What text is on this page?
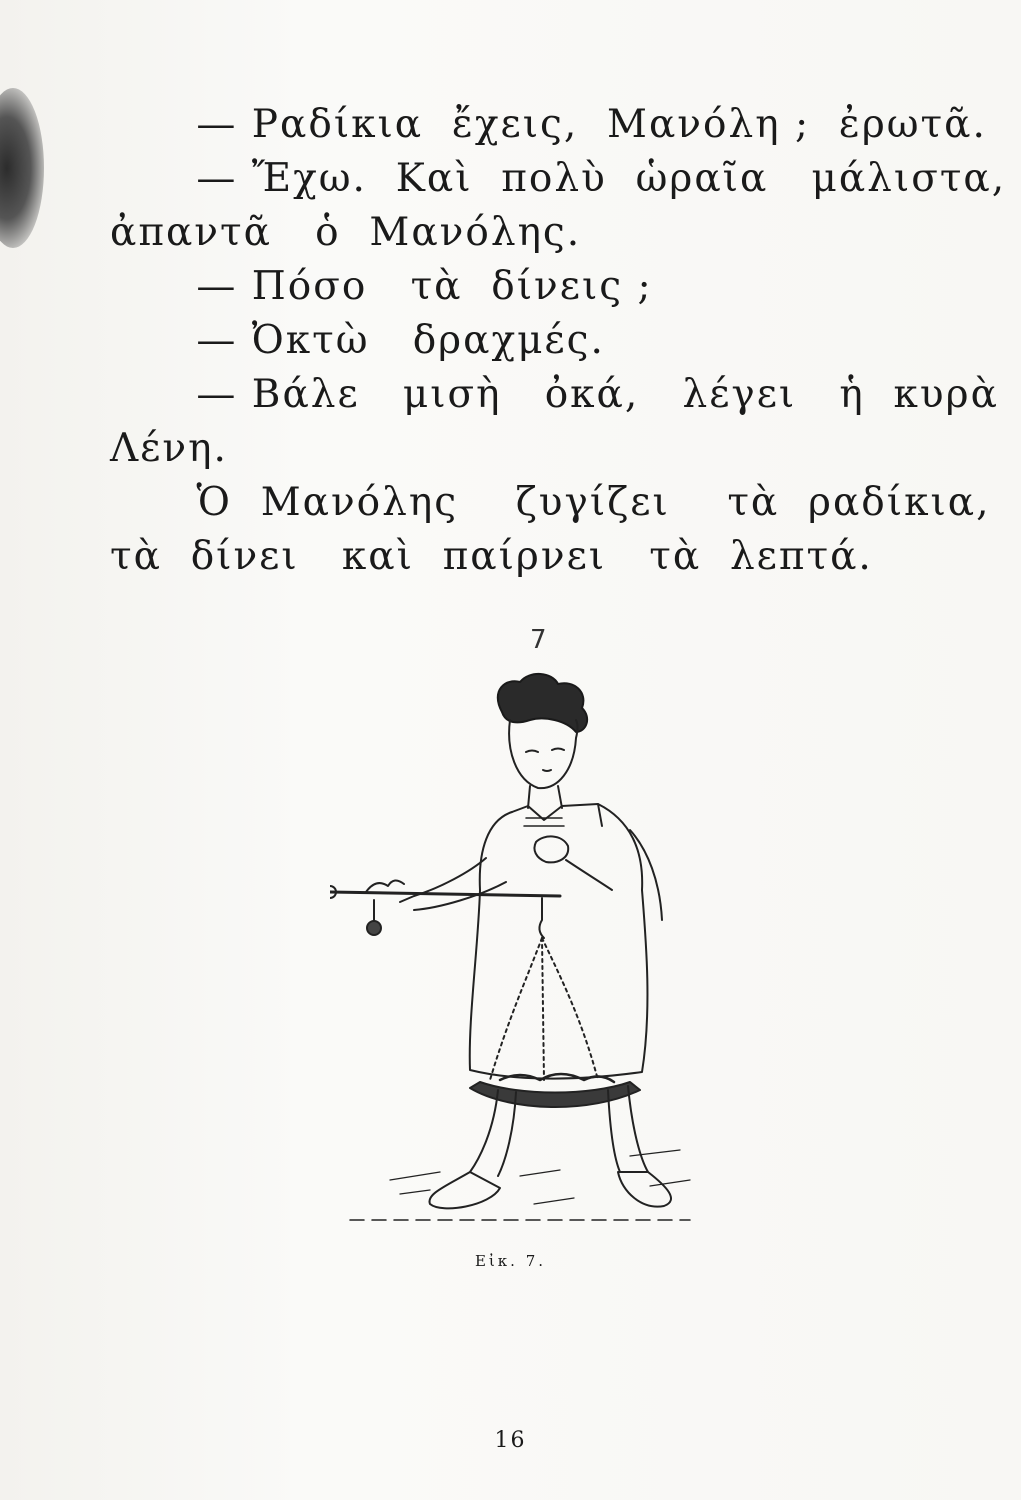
— Ραδίκια  ἔχεις,  Μανόλη ;  ἐρωτᾶ.
— Ἔχω.  Καὶ  πολὺ  ὡραῖα   μάλιστα,
ἀπαντᾶ   ὁ  Μανόλης.
— Πόσο   τὰ  δίνεις ;
— Ὀκτὼ   δραχμές.
— Βάλε   μισὴ   ὀκά,   λέγει   ἡ  κυρὰ
Λένη.
Ὁ  Μανόλης    ζυγίζει    τὰ  ραδίκια,
τὰ  δίνει   καὶ  παίρνει   τὰ  λεπτά.
7
Εἰκ. 7.
16
